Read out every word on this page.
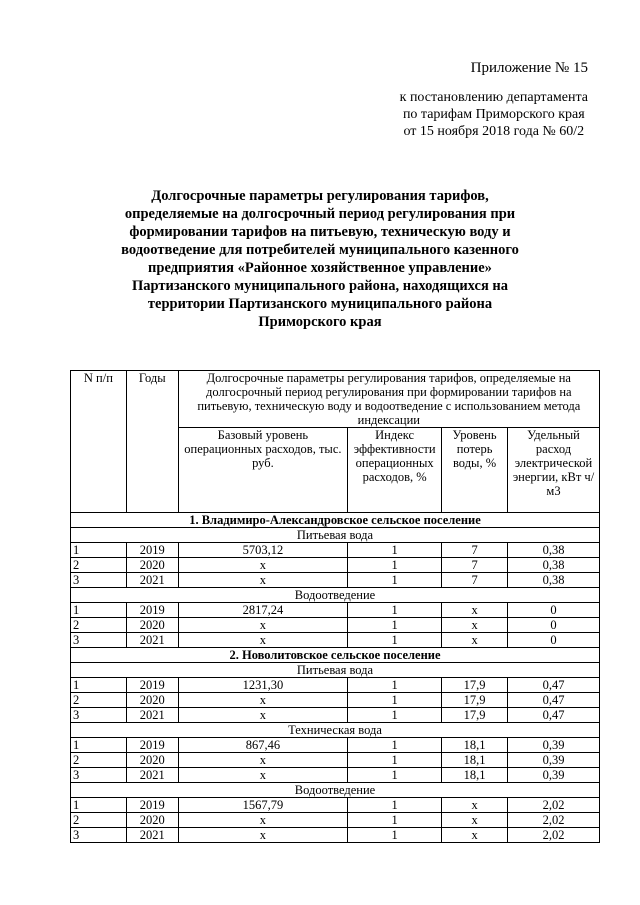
Приложение № 15
к постановлению департамента
по тарифам Приморского края
от 15 ноября 2018 года № 60/2
Долгосрочные параметры регулирования тарифов, определяемые на долгосрочный период регулирования при формировании тарифов на питьевую, техническую воду и водоотведение для потребителей муниципального казенного предприятия «Районное хозяйственное управление» Партизанского муниципального района, находящихся на территории Партизанского муниципального района Приморского края
N п/п	Годы	Долгосрочные параметры регулирования тарифов, определяемые на долгосрочный период регулирования при формировании тарифов на питьевую, техническую воду и водоотведение с использованием метода индексации			
		Базовый уровень операционных расходов, тыс. руб.	Индекс эффективности операционных расходов, %	Уровень потерь воды, %	Удельный расход электрической энергии, кВт ч/м3
1. Владимиро-Александровское сельское поселение					
Питьевая вода					
1	2019	5703,12	1	7	0,38
2	2020	x	1	7	0,38
3	2021	x	1	7	0,38
Водоотведение					
1	2019	2817,24	1	x	0
2	2020	x	1	x	0
3	2021	x	1	x	0
2. Новолитовское сельское поселение					
Питьевая вода					
1	2019	1231,30	1	17,9	0,47
2	2020	x	1	17,9	0,47
3	2021	x	1	17,9	0,47
Техническая вода					
1	2019	867,46	1	18,1	0,39
2	2020	x	1	18,1	0,39
3	2021	x	1	18,1	0,39
Водоотведение					
1	2019	1567,79	1	x	2,02
2	2020	x	1	x	2,02
3	2021	x	1	x	2,02
